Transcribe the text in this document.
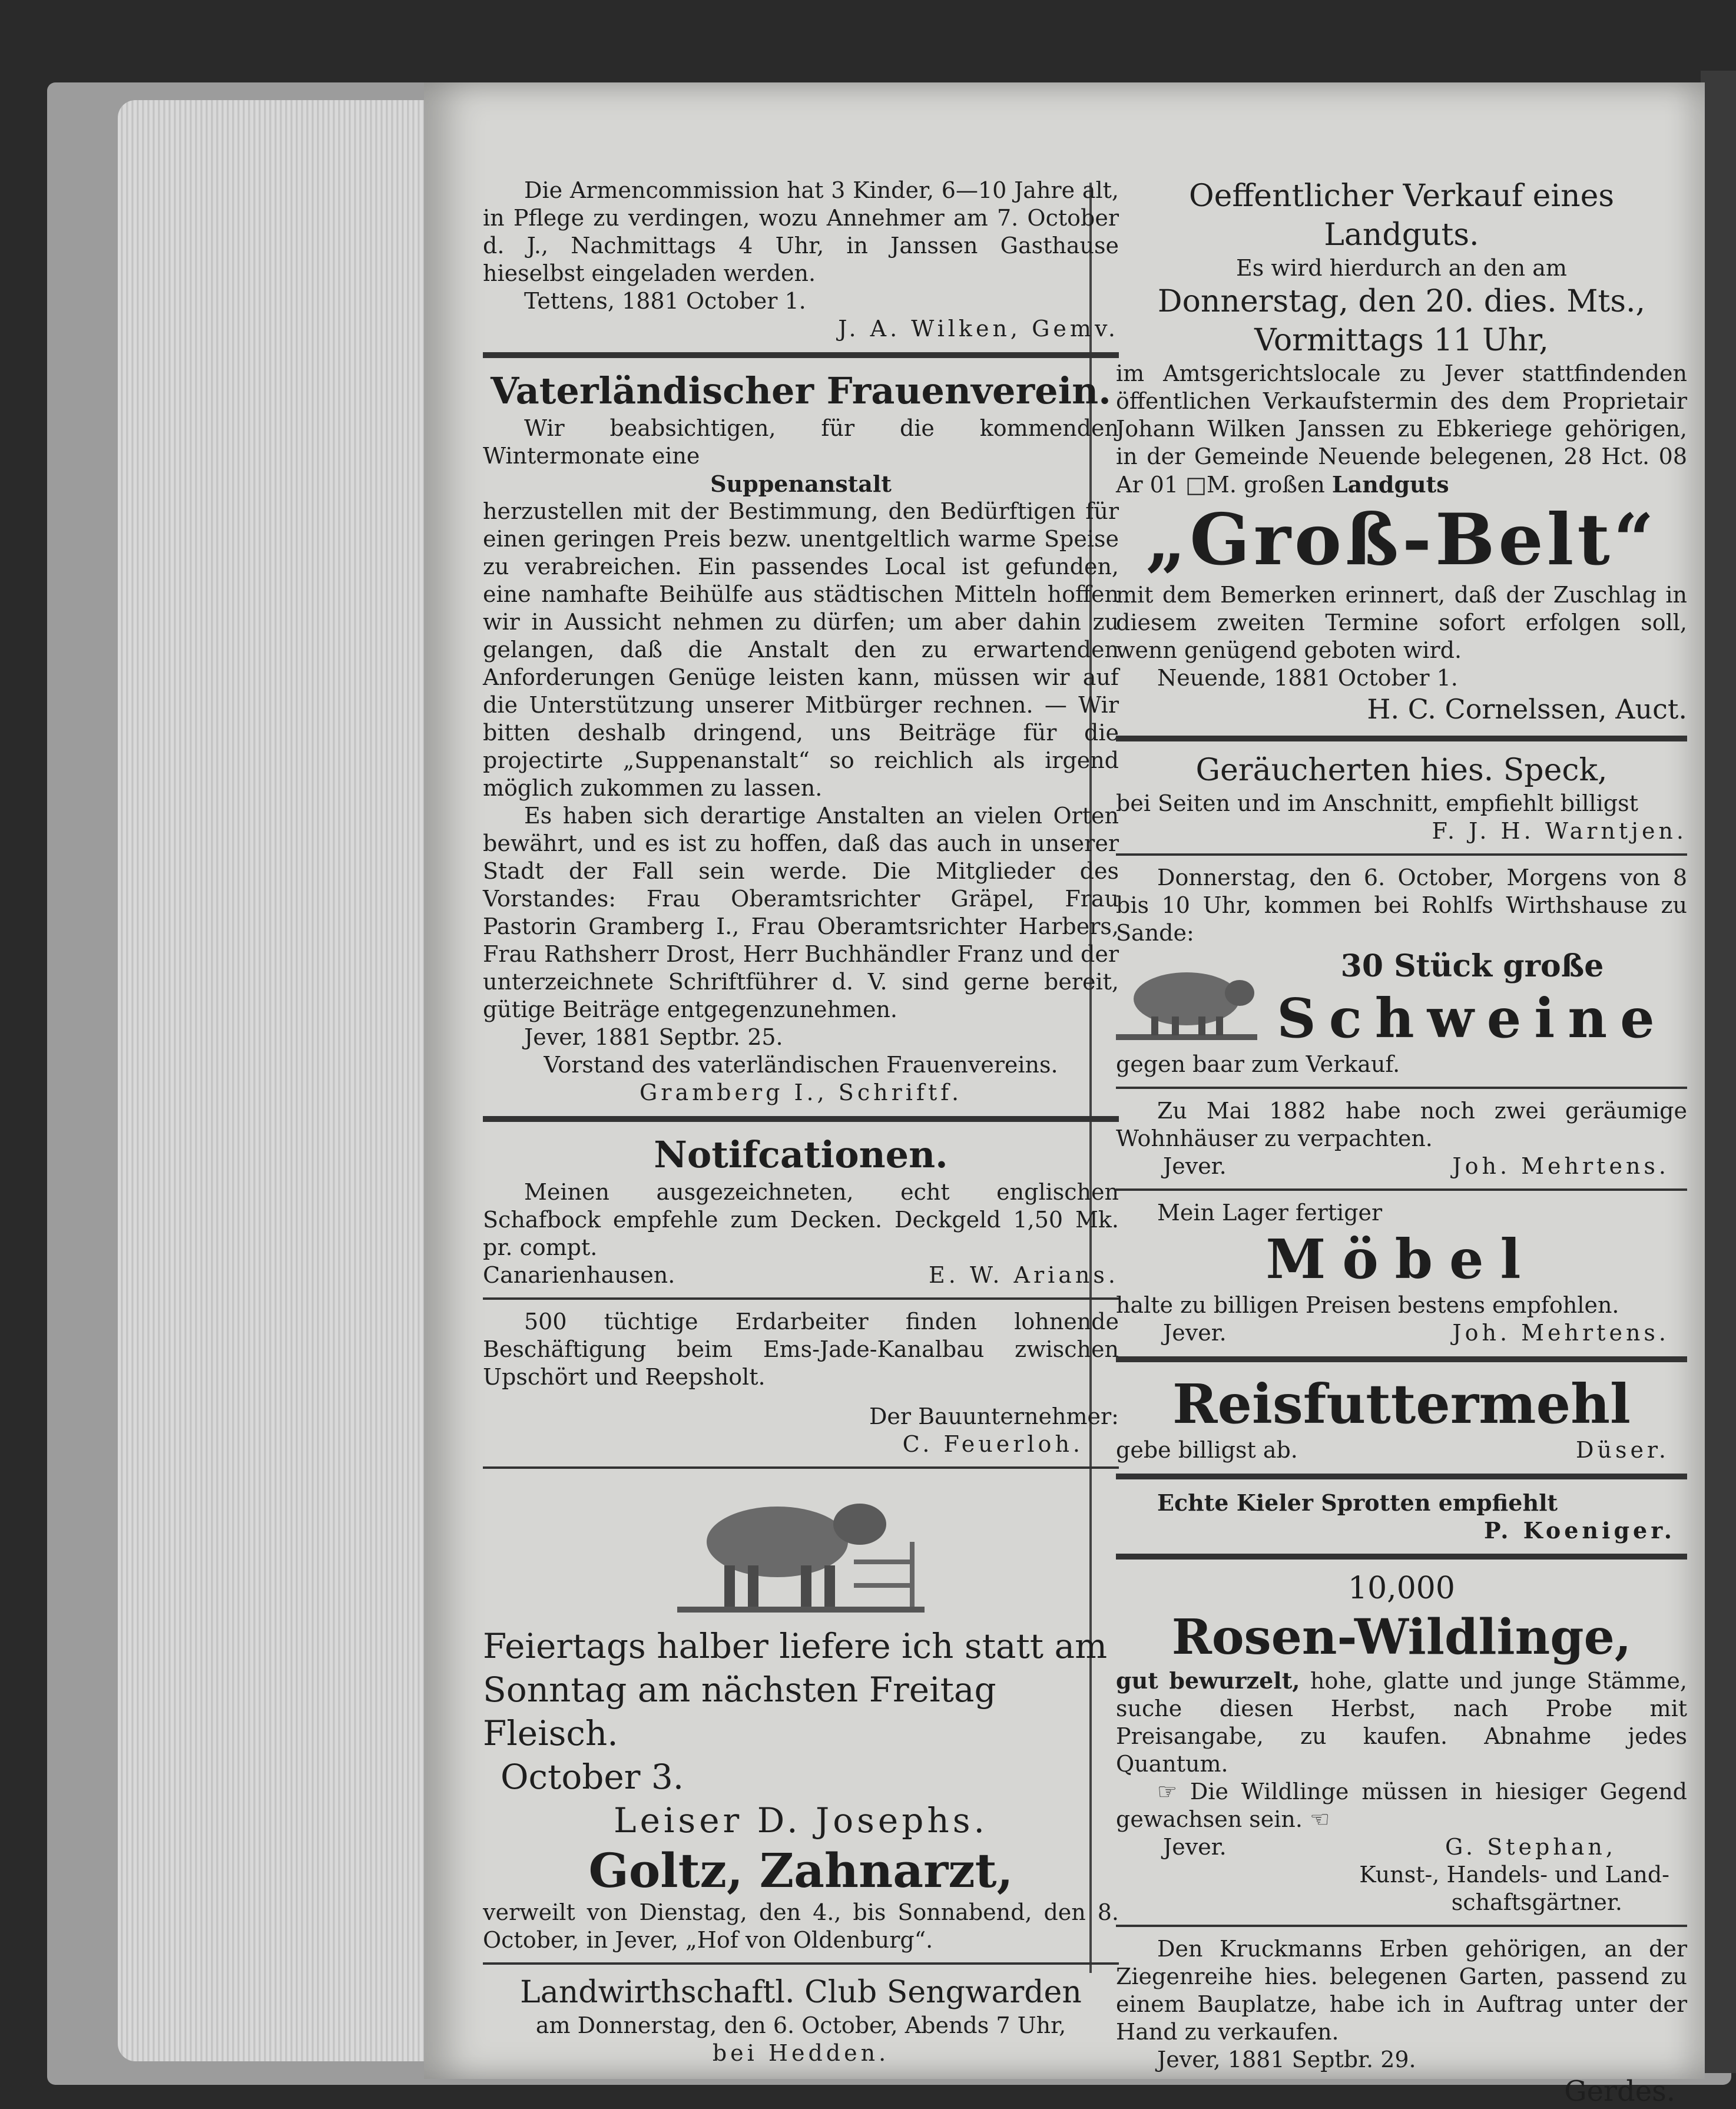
Die Armencommission hat 3 Kinder, 6—10 Jahre alt, in Pflege zu verdingen, wozu Annehmer am 7. October d. J., Nachmittags 4 Uhr, in Janssen Gasthause hieselbst eingeladen werden.

Tettens, 1881 October 1.

J. A. Wilken, Gemv.

Vaterländischer Frauenverein.

Wir beabsichtigen, für die kommenden Wintermonate eine

Suppenanstalt

herzustellen mit der Bestimmung, den Bedürftigen für einen geringen Preis bezw. unentgeltlich warme Speise zu verabreichen. Ein passendes Local ist gefunden, eine namhafte Beihülfe aus städtischen Mitteln hoffen wir in Aussicht nehmen zu dürfen; um aber dahin zu gelangen, daß die Anstalt den zu erwartenden Anforderungen Genüge leisten kann, müssen wir auf die Unterstützung unserer Mitbürger rechnen. — Wir bitten deshalb dringend, uns Beiträge für die projectirte „Suppenanstalt“ so reichlich als irgend möglich zukommen zu lassen.

Es haben sich derartige Anstalten an vielen Orten bewährt, und es ist zu hoffen, daß das auch in unserer Stadt der Fall sein werde. Die Mitglieder des Vorstandes: Frau Oberamtsrichter Gräpel, Frau Pastorin Gramberg I., Frau Oberamtsrichter Harbers, Frau Rathsherr Drost, Herr Buchhändler Franz und der unterzeichnete Schriftführer d. V. sind gerne bereit, gütige Beiträge entgegenzunehmen.

Jever, 1881 Septbr. 25.

Vorstand des vaterländischen Frauenvereins.

Gramberg I., Schriftf.

Notifcationen.

Meinen ausgezeichneten, echt englischen Schafbock empfehle zum Decken. Deckgeld 1,50 Mk. pr. compt.

Canarienhausen.	E. W. Arians.

500 tüchtige Erdarbeiter finden lohnende Beschäftigung beim Ems-Jade-Kanalbau zwischen Upschört und Reepsholt.

Der Bauunternehmer:

C. Feuerloh.

Feiertags halber liefere ich statt am Sonntag am nächsten Freitag Fleisch.

October 3.

Leiser D. Josephs.

Goltz, Zahnarzt,

verweilt von Dienstag, den 4., bis Sonnabend, den 8. October, in Jever, „Hof von Oldenburg“.

Landwirthschaftl. Club Sengwarden

am Donnerstag, den 6. October, Abends 7 Uhr,

bei Hedden.

Oeffentlicher Verkauf eines Landguts.

Es wird hierdurch an den am

Donnerstag, den 20. dies. Mts.,
Vormittags 11 Uhr,

im Amtsgerichtslocale zu Jever stattfindenden öffentlichen Verkaufstermin des dem Proprietair Johann Wilken Janssen zu Ebkeriege gehörigen, in der Gemeinde Neuende belegenen, 28 Hct. 08 Ar 01 □M. großen Landguts

„Groß-Belt“

mit dem Bemerken erinnert, daß der Zuschlag in diesem zweiten Termine sofort erfolgen soll, wenn genügend geboten wird.

Neuende, 1881 October 1.

H. C. Cornelssen, Auct.

Geräucherten hies. Speck,

bei Seiten und im Anschnitt, empfiehlt billigst

F. J. H. Warntjen.

Donnerstag, den 6. October, Morgens von 8 bis 10 Uhr, kommen bei Rohlfs Wirthshause zu Sande:

30 Stück große
Schweine

gegen baar zum Verkauf.

Zu Mai 1882 habe noch zwei geräumige Wohnhäuser zu verpachten.

Jever.	Joh. Mehrtens.

Mein Lager fertiger

Möbel

halte zu billigen Preisen bestens empfohlen.

Jever.	Joh. Mehrtens.
Reisfuttermehl
gebe billigst ab.	Düser.

Echte Kieler Sprotten empfiehlt

P. Koeniger.

10,000
Rosen-Wildlinge,

gut bewurzelt, hohe, glatte und junge Stämme, suche diesen Herbst, nach Probe mit Preisangabe, zu kaufen. Abnahme jedes Quantum.

☞ Die Wildlinge müssen in hiesiger Gegend gewachsen sein. ☜

Jever.	G. Stephan,

Kunst-, Handels- und Land-

schaftsgärtner.

Den Kruckmanns Erben gehörigen, an der Ziegenreihe hies. belegenen Garten, passend zu einem Bauplatze, habe ich in Auftrag unter der Hand zu verkaufen.

Jever, 1881 Septbr. 29.

Gerdes.
